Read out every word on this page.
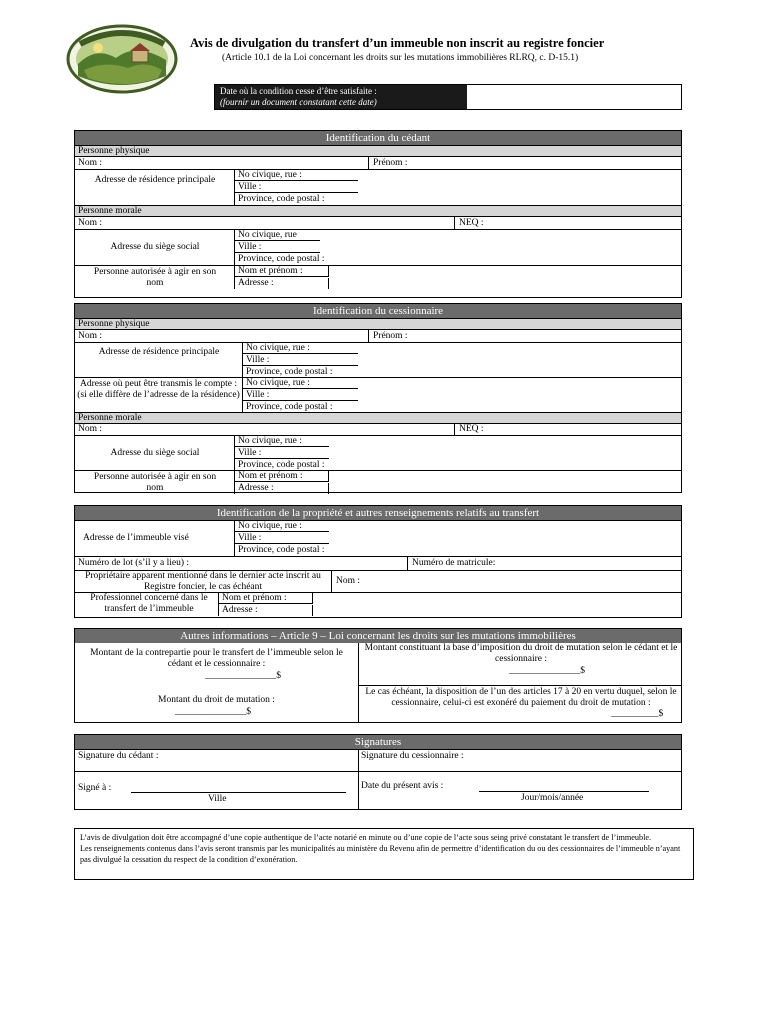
Avis de divulgation du transfert d’un immeuble non inscrit au registre foncier
(Article 10.1 de la Loi concernant les droits sur les mutations immobilières RLRQ, c. D-15.1)
Date où la condition cesse d’être satisfaite :
(fournir un document constatant cette date)
Identification du cédant
Personne physique
Nom :	Prénom :
Adresse de résidence principale	No civique, rue :
Ville :
Province, code postal :
Personne morale
Nom :	NEQ :
Adresse du siège social
No civique, rue
Ville :
Province, code postal :
Personne autorisée à agir en son nom
Nom et prénom :
Adresse :
Identification du cessionnaire
Personne physique
Nom :	Prénom :
Adresse de résidence principale	No civique, rue :
Ville :
Province, code postal :
Adresse où peut être transmis le compte : (si elle diffère de l’adresse de la résidence)
No civique, rue :
Ville :
Province, code postal :
Personne morale
Nom :	NEQ :
Adresse du siège social
No civique, rue :
Ville :
Province, code postal :
Personne autorisée à agir en son nom
Nom et prénom :
Adresse :
Identification de la propriété et autres renseignements relatifs au transfert
Adresse de l’immeuble visé
No civique, rue :
Ville :
Province, code postal :
Numéro de lot (s’il y a lieu) :	Numéro de matricule:
Propriétaire apparent mentionné dans le dernier acte inscrit au Registre foncier, le cas échéant
Nom :
Professionnel concerné dans le transfert de l’immeuble
Nom et prénom :
Adresse :
Autres informations – Article 9 – Loi concernant les droits sur les mutations immobilières
Montant de la contrepartie pour le transfert de l’immeuble selon le cédant et le cessionnaire :
_______________$
Montant du droit de mutation :
_______________$
Montant constituant la base d’imposition du droit de mutation selon le cédant et le cessionnaire :
_______________$
Le cas échéant, la disposition de l’un des articles 17 à 20 en vertu duquel, selon le cessionnaire, celui-ci est exonéré du paiement du droit de mutation :
__________$
Signatures
Signature du cédant :	Signature du cessionnaire :
Signé à :
Ville
Date du présent avis :
Jour/mois/année
L’avis de divulgation doit être accompagné d’une copie authentique de l’acte notarié en minute ou d’une copie de l’acte sous seing privé constatant le transfert de l’immeuble.
Les renseignements contenus dans l’avis seront transmis par les municipalités au ministère du Revenu afin de permettre d’identification du ou des cessionnaires de l’immeuble n’ayant pas divulgué la cessation du respect de la condition d’exonération.
